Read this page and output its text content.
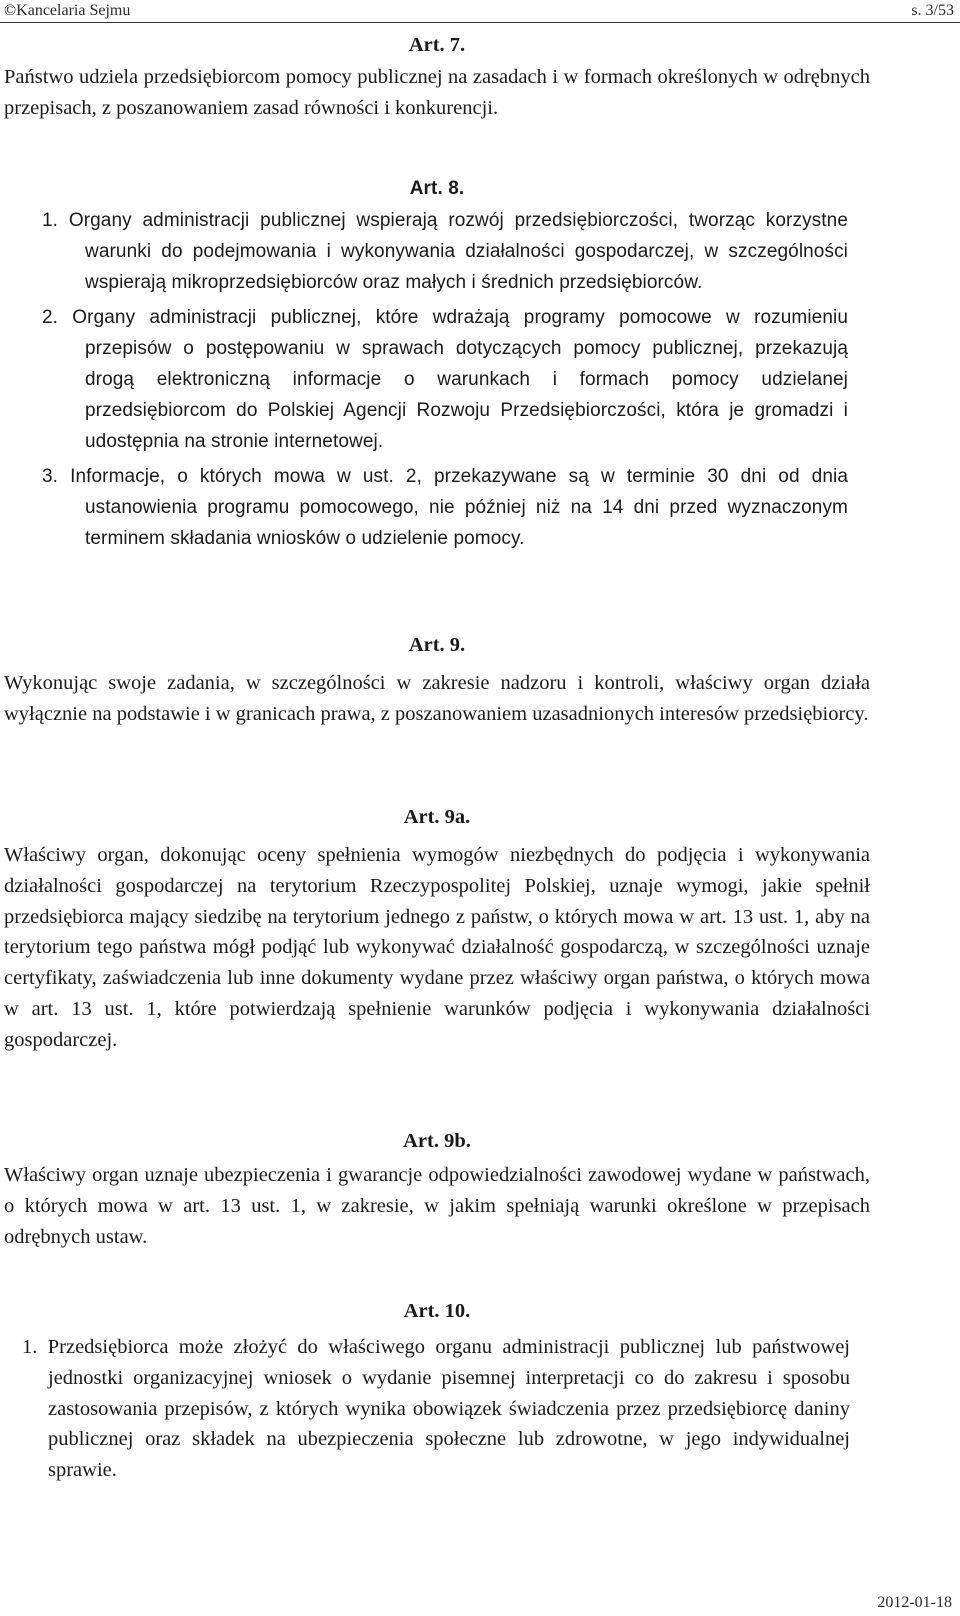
©Kancelaria Sejmu	s. 3/53
Art. 7.

Państwo udziela przedsiębiorcom pomocy publicznej na zasadach i w formach określonych w odrębnych przepisach, z poszanowaniem zasad równości i konkurencji.

Art. 8.

1. Organy administracji publicznej wspierają rozwój przedsiębiorczości, tworząc korzystne warunki do podejmowania i wykonywania działalności gospodarczej, w szczególności wspierają mikroprzedsiębiorców oraz małych i średnich przedsiębiorców.

2. Organy administracji publicznej, które wdrażają programy pomocowe w rozumieniu przepisów o postępowaniu w sprawach dotyczących pomocy publicznej, przekazują drogą elektroniczną informacje o warunkach i formach pomocy udzielanej przedsiębiorcom do Polskiej Agencji Rozwoju Przedsiębiorczości, która je gromadzi i udostępnia na stronie internetowej.

3. Informacje, o których mowa w ust. 2, przekazywane są w terminie 30 dni od dnia ustanowienia programu pomocowego, nie później niż na 14 dni przed wyznaczonym terminem składania wniosków o udzielenie pomocy.

Art. 9.

Wykonując swoje zadania, w szczególności w zakresie nadzoru i kontroli, właściwy organ działa wyłącznie na podstawie i w granicach prawa, z poszanowaniem uzasadnionych interesów przedsiębiorcy.

Art. 9a.

Właściwy organ, dokonując oceny spełnienia wymogów niezbędnych do podjęcia i wykonywania działalności gospodarczej na terytorium Rzeczypospolitej Polskiej, uznaje wymogi, jakie spełnił przedsiębiorca mający siedzibę na terytorium jednego z państw, o których mowa w art. 13 ust. 1, aby na terytorium tego państwa mógł podjąć lub wykonywać działalność gospodarczą, w szczególności uznaje certyfikaty, zaświadczenia lub inne dokumenty wydane przez właściwy organ państwa, o których mowa w art. 13 ust. 1, które potwierdzają spełnienie warunków podjęcia i wykonywania działalności gospodarczej.

Art. 9b.

Właściwy organ uznaje ubezpieczenia i gwarancje odpowiedzialności zawodowej wydane w państwach, o których mowa w art. 13 ust. 1, w zakresie, w jakim spełniają warunki określone w przepisach odrębnych ustaw.

Art. 10.

1. Przedsiębiorca może złożyć do właściwego organu administracji publicznej lub państwowej jednostki organizacyjnej wniosek o wydanie pisemnej interpretacji co do zakresu i sposobu zastosowania przepisów, z których wynika obowiązek świadczenia przez przedsiębiorcę daniny publicznej oraz składek na ubezpieczenia społeczne lub zdrowotne, w jego indywidualnej sprawie.

2012-01-18
